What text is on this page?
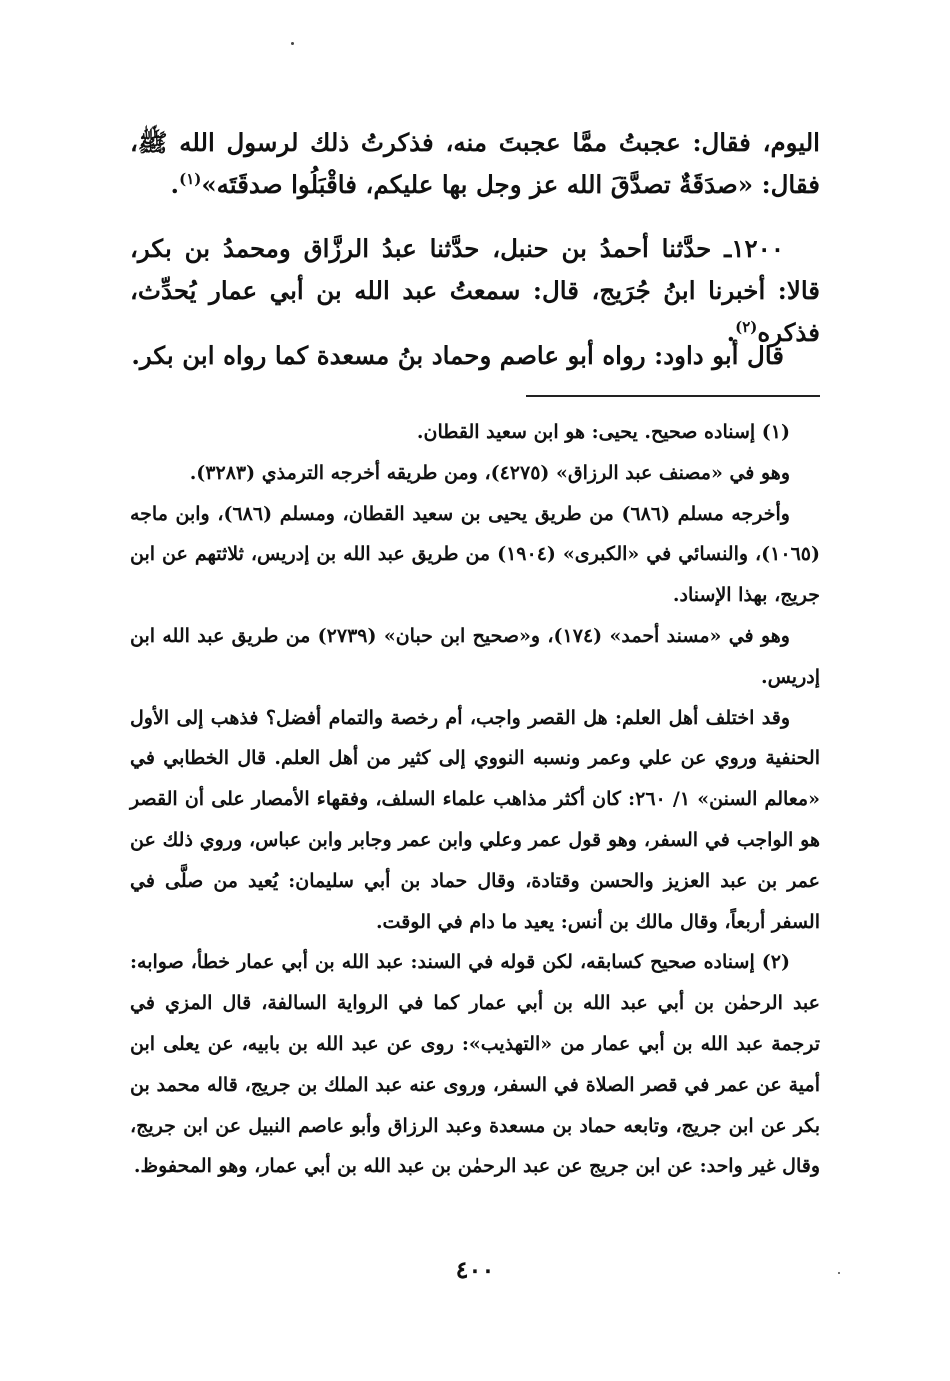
اليوم، فقال: عجبتُ ممَّا عجبتَ منه، فذكرتُ ذلك لرسول الله ﷺ، فقال: «صدَقَةٌ تصدَّقَ الله عز وجل بها عليكم، فاقْبَلُوا صدقَتَه»$^{(١)}$.

١٢٠٠ـ حدَّثنا أحمدُ بن حنبل، حدَّثنا عبدُ الرزَّاق ومحمدُ بن بكر، قالا: أخبرنا ابنُ جُرَيج، قال: سمعتُ عبد الله بن أبي عمار يُحدِّث، فذكره$^{(٢)}$.

قال أبو داود: رواه أبو عاصم وحماد بنُ مسعدة كما رواه ابن بكر.

(١) إسناده صحيح. يحيى: هو ابن سعيد القطان.

وهو في «مصنف عبد الرزاق» (٤٢٧٥)، ومن طريقه أخرجه الترمذي (٣٢٨٣).

وأخرجه مسلم (٦٨٦) من طريق يحيى بن سعيد القطان، ومسلم (٦٨٦)، وابن ماجه (١٠٦٥)، والنسائي في «الكبرى» (١٩٠٤) من طريق عبد الله بن إدريس، ثلاثتهم عن ابن جريج، بهذا الإسناد.

وهو في «مسند أحمد» (١٧٤)، و«صحيح ابن حبان» (٢٧٣٩) من طريق عبد الله ابن إدريس.

وقد اختلف أهل العلم: هل القصر واجب، أم رخصة والتمام أفضل؟ فذهب إلى الأول الحنفية وروي عن علي وعمر ونسبه النووي إلى كثير من أهل العلم. قال الخطابي في «معالم السنن» ١/ ٢٦٠: كان أكثر مذاهب علماء السلف، وفقهاء الأمصار على أن القصر هو الواجب في السفر، وهو قول عمر وعلي وابن عمر وجابر وابن عباس، وروي ذلك عن عمر بن عبد العزيز والحسن وقتادة، وقال حماد بن أبي سليمان: يُعيد من صلَّى في السفر أربعاً، وقال مالك بن أنس: يعيد ما دام في الوقت.

(٢) إسناده صحيح كسابقه، لكن قوله في السند: عبد الله بن أبي عمار خطأ، صوابه: عبد الرحمٰن بن أبي عبد الله بن أبي عمار كما في الرواية السالفة، قال المزي في ترجمة عبد الله بن أبي عمار من «التهذيب»: روى عن عبد الله بن بابيه، عن يعلى ابن أمية عن عمر في قصر الصلاة في السفر، وروى عنه عبد الملك بن جريج، قاله محمد بن بكر عن ابن جريج، وتابعه حماد بن مسعدة وعبد الرزاق وأبو عاصم النبيل عن ابن جريج، وقال غير واحد: عن ابن جريج عن عبد الرحمٰن بن عبد الله بن أبي عمار، وهو المحفوظ.

٤٠٠
